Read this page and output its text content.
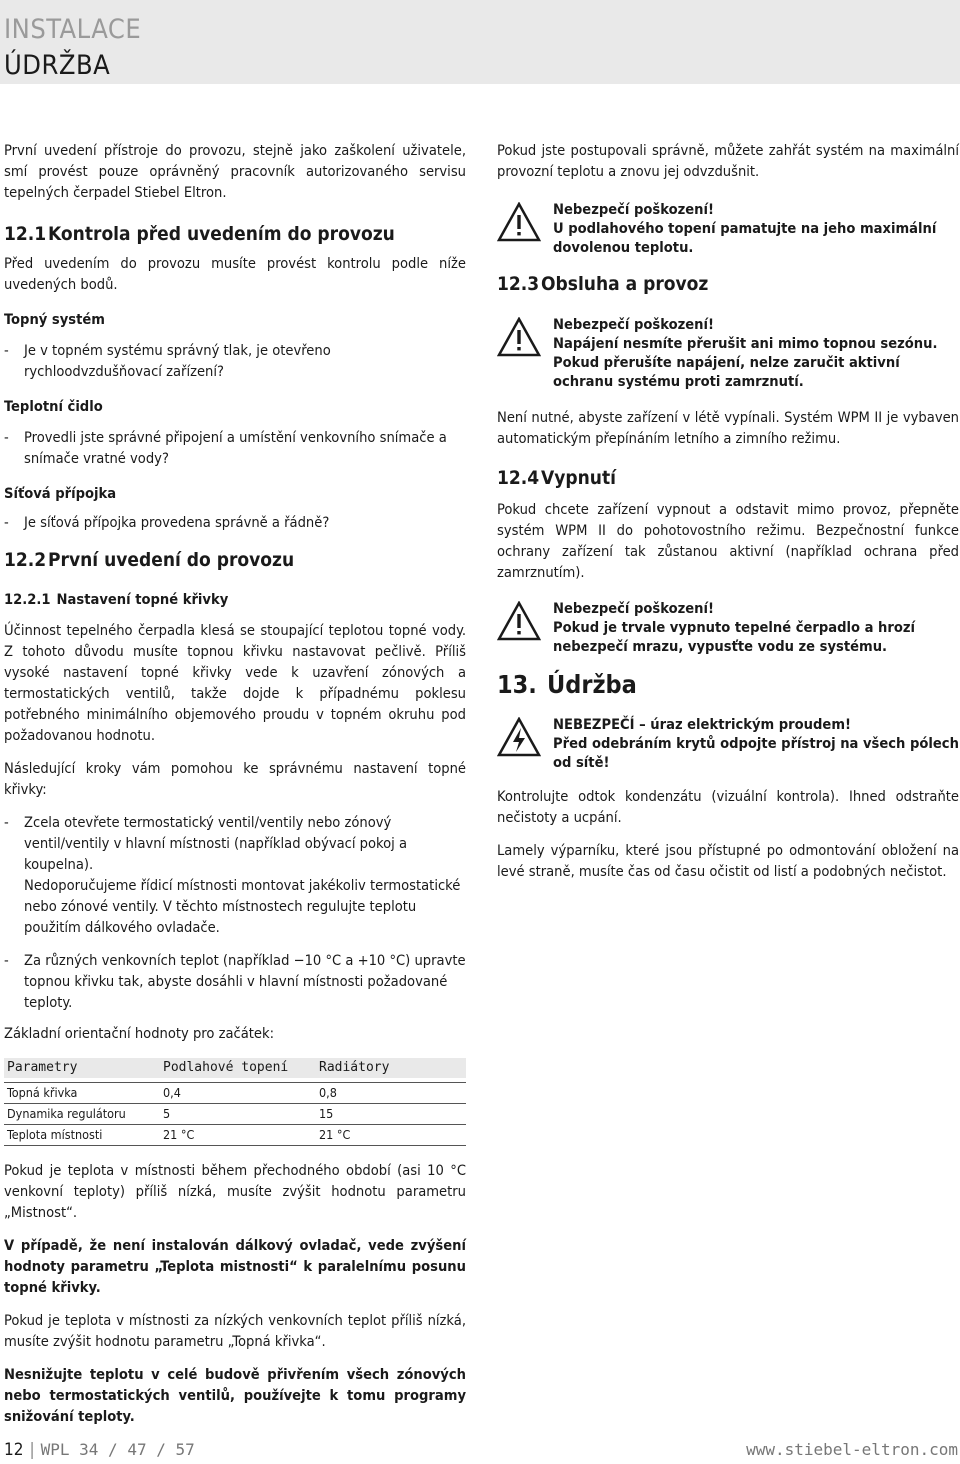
INSTALACE
ÚDRŽBA

První uvedení přístroje do provozu, stejně jako zaškolení uživatele, smí provést pouze oprávněný pracovník autorizovaného servisu tepelných čerpadel Stiebel Eltron.

12.1Kontrola před uvedením do provozu

Před uvedením do provozu musíte provést kontrolu podle níže uvedených bodů.

Topný systém
- Je v topném systému správný tlak, je otevřeno rychloodvzdušňovací zařízení?
Teplotní čidlo
- Provedli jste správné připojení a umístění venkovního snímače a snímače vratné vody?
Síťová přípojka
- Je síťová přípojka provedena správně a řádně?
12.2První uvedení do provozu
12.2.1 Nastavení topné křivky

Účinnost tepelného čerpadla klesá se stoupající teplotou topné vody. Z tohoto důvodu musíte topnou křivku nastavovat pečlivě. Příliš vysoké nastavení topné křivky vede k uzavření zónových a termostatických ventilů, takže dojde k případnému poklesu potřebného minimálního objemového proudu v topném okruhu pod požadovanou hodnotu.

Následující kroky vám pomohou ke správnému nastavení topné křivky:

- Zcela otevřete termostatický ventil/ventily nebo zónový ventil/ventily v hlavní místnosti (například obývací pokoj a koupelna).
Nedoporučujeme řídicí místnosti montovat jakékoliv termostatické nebo zónové ventily. V těchto místnostech regulujte teplotu použitím dálkového ovladače.
- Za různých venkovních teplot (například −10 °C a +10 °C) upravte topnou křivku tak, abyste dosáhli v hlavní místnosti požadované teploty.

Základní orientační hodnoty pro začátek:

Parametry	Podlahové topení	Radiátory

Topná křivka	0,4	0,8
Dynamika regulátoru	5	15
Teplota místnosti	21 °C	21 °C

Pokud je teplota v místnosti během přechodného období (asi 10 °C venkovní teploty) příliš nízká, musíte zvýšit hodnotu parametru „Mistnost“.

V případě, že není instalován dálkový ovladač, vede zvýšení hodnoty parametru „Teplota mistnosti“ k paralelnímu posunu topné křivky.

Pokud je teplota v místnosti za nízkých venkovních teplot příliš nízká, musíte zvýšit hodnotu parametru „Topná křivka“.

Nesnižujte teplotu v celé budově přivřením všech zónových nebo termostatických ventilů, používejte k tomu programy snižování teploty.

Pokud jste postupovali správně, můžete zahřát systém na maximální provozní teplotu a znovu jej odvzdušnit.

Nebezpečí poškození!
U podlahového topení pamatujte na jeho maximální dovolenou teplotu.
12.3Obsluha a provoz
Nebezpečí poškození!
Napájení nesmíte přerušit ani mimo topnou sezónu. Pokud přerušíte napájení, nelze zaručit aktivní ochranu systému proti zamrznutí.

Není nutné, abyste zařízení v létě vypínali. Systém WPM II je vybaven automatickým přepínáním letního a zimního režimu.

12.4Vypnutí

Pokud chcete zařízení vypnout a odstavit mimo provoz, přepněte systém WPM II do pohotovostního režimu. Bezpečnostní funkce ochrany zařízení tak zůstanou aktivní (například ochrana před zamrznutím).

Nebezpečí poškození!
Pokud je trvale vypnuto tepelné čerpadlo a hrozí nebezpečí mrazu, vypusťte vodu ze systému.
13. Údržba
NEBEZPEČÍ – úraz elektrickým proudem!
Před odebráním krytů odpojte přístroj na všech pólech od sítě!

Kontrolujte odtok kondenzátu (vizuální kontrola). Ihned odstraňte nečistoty a ucpání.

Lamely výparníku, které jsou přístupné po odmontování obložení na levé straně, musíte čas od času očistit od listí a podobných nečistot.

12 | WPL 34 / 47 / 57	www.stiebel-eltron.com
